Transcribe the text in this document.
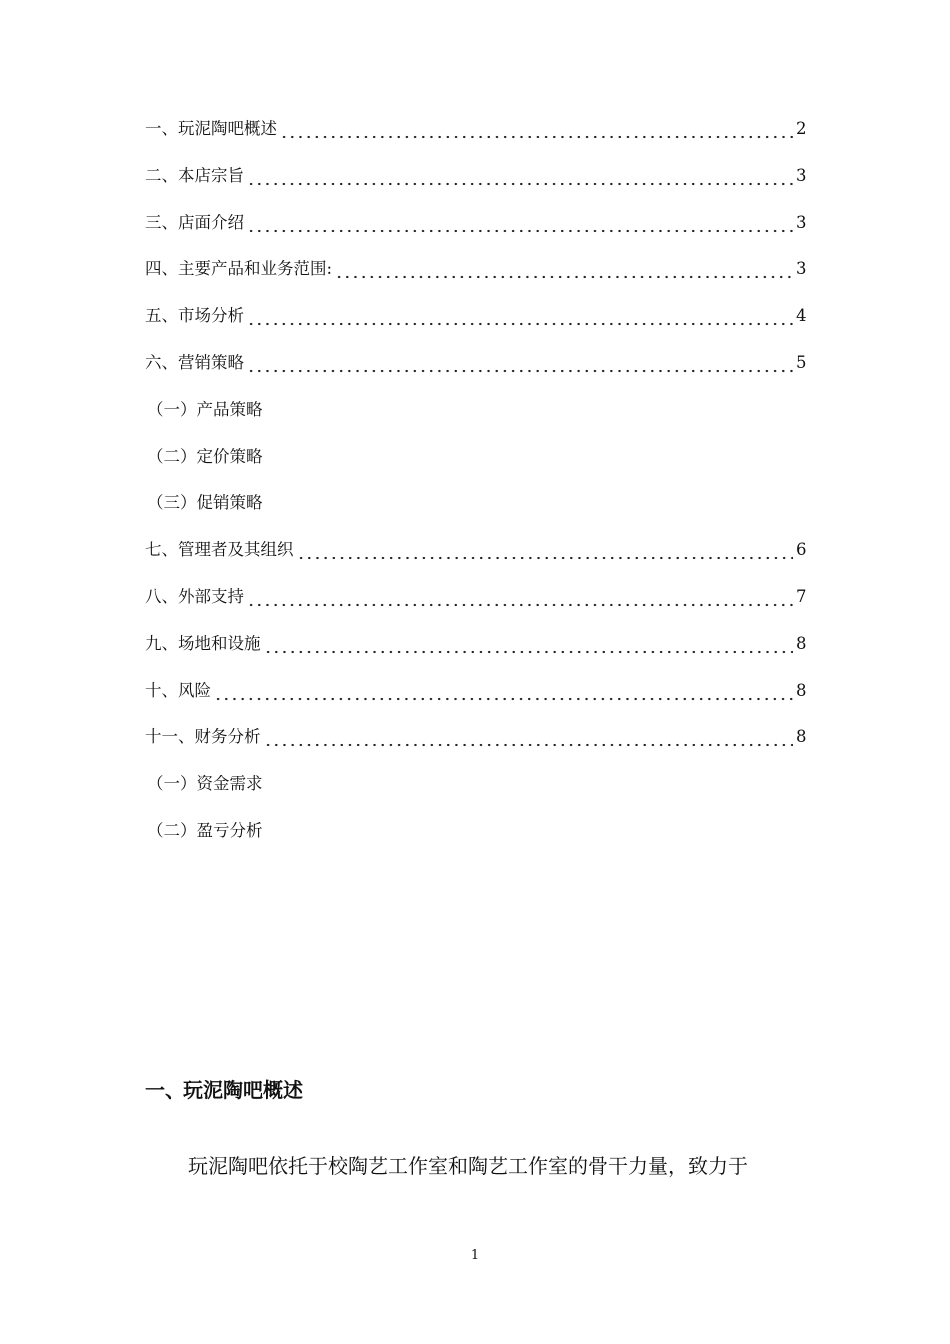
一、玩泥陶吧概述	2
二、本店宗旨	3
三、店面介绍	3
四、主要产品和业务范围:	3
五、市场分析	4
六、营销策略	5
（一）产品策略
（二）定价策略
（三）促销策略
七、管理者及其组织	6
八、外部支持	7
九、场地和设施	8
十、风险	8
十一、财务分析	8
（一）资金需求
（二）盈亏分析
一、玩泥陶吧概述
玩泥陶吧依托于校陶艺工作室和陶艺工作室的骨干力量，致力于
1
